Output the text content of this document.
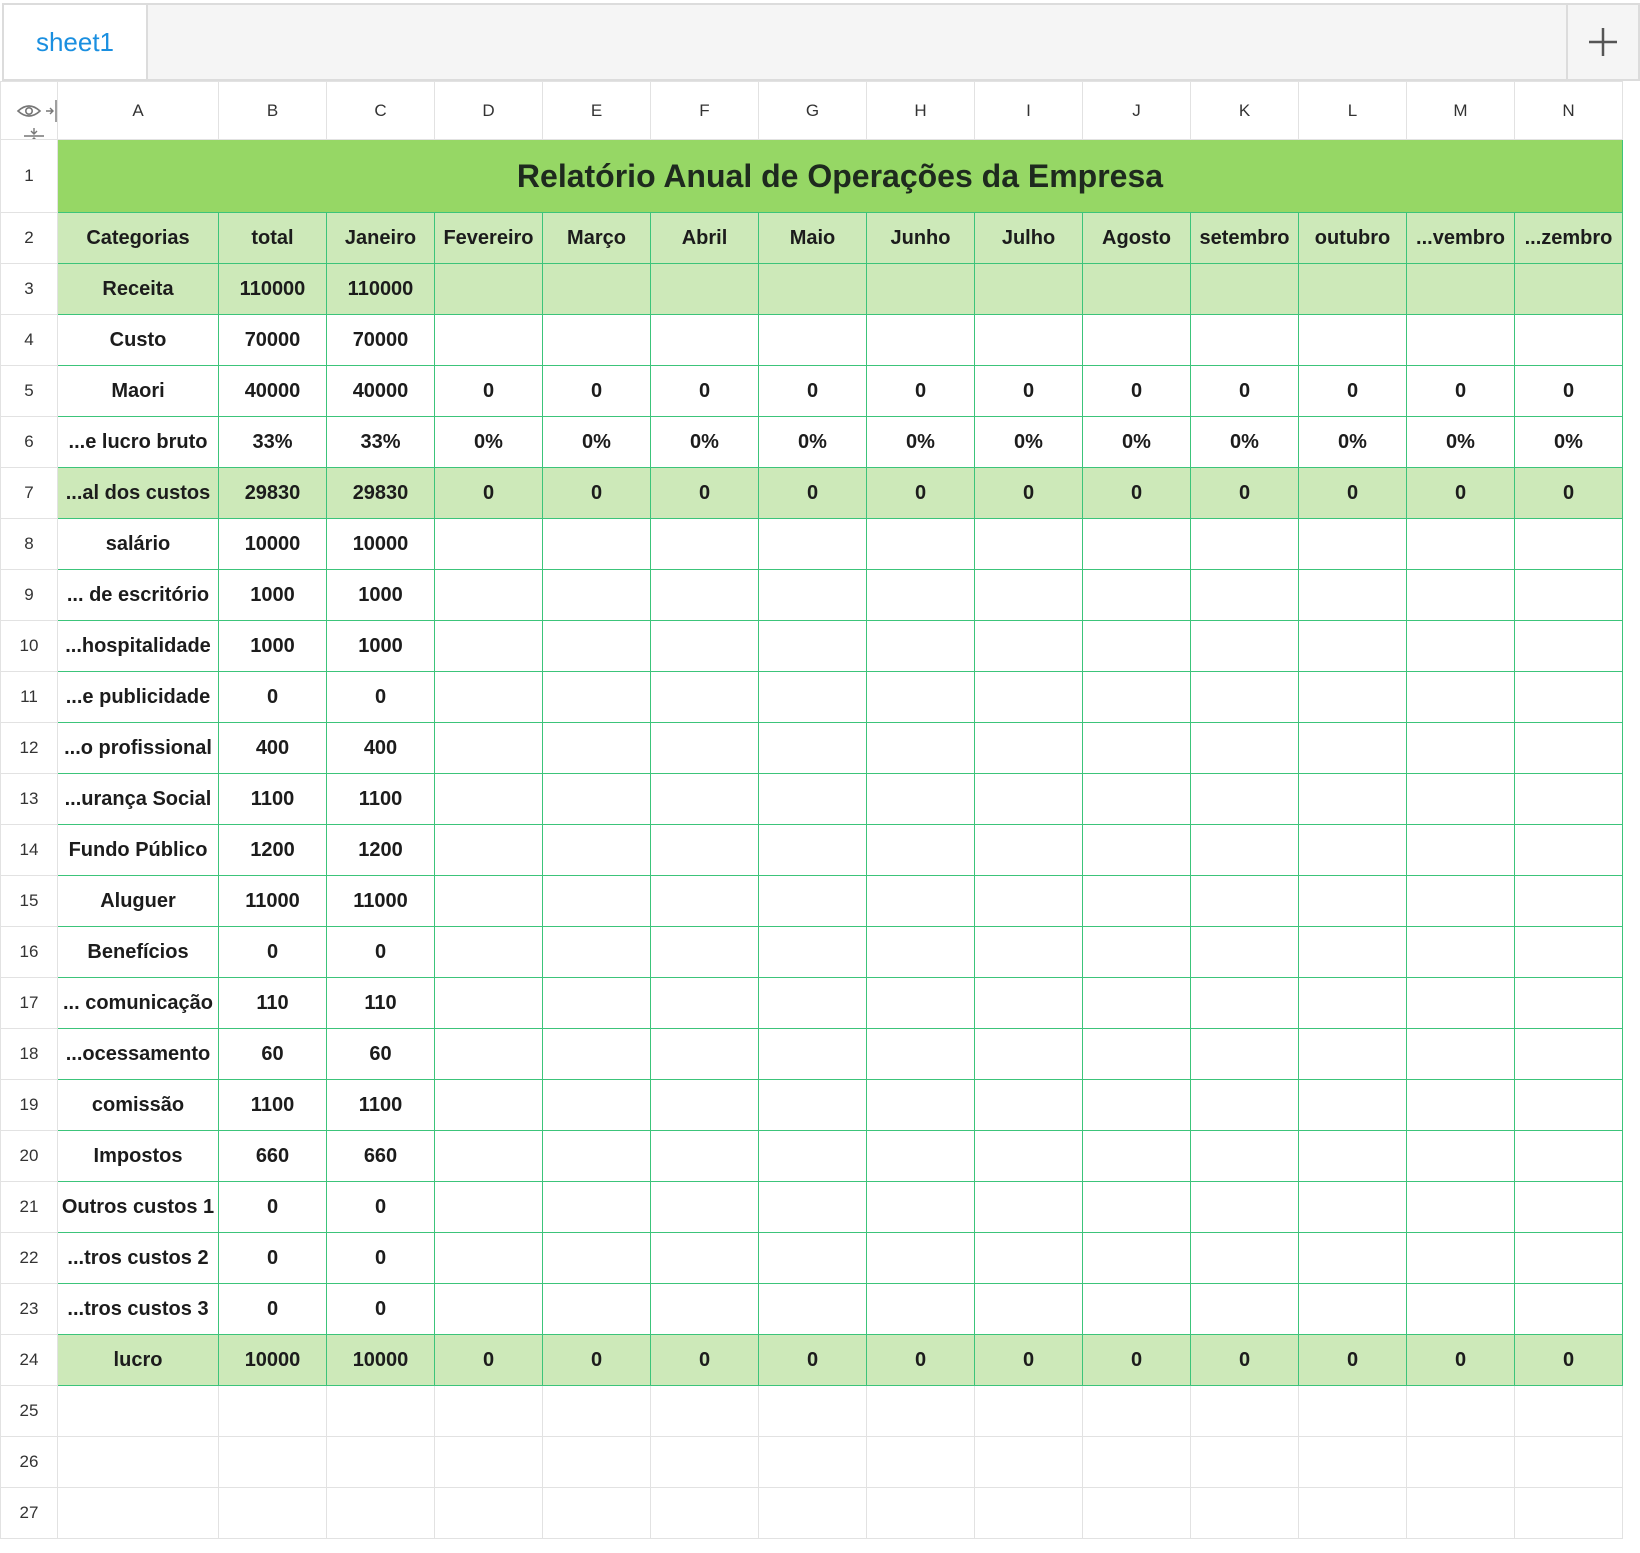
sheet1
	A	B	C	D	E	F	G	H	I	J	K	L	M	N
1	Relatório Anual de Operações da Empresa													
2	Categorias	total	Janeiro	Fevereiro	Março	Abril	Maio	Junho	Julho	Agosto	setembro	outubro	...vembro	...zembro
3	Receita	110000	110000											
4	Custo	70000	70000											
5	Maori	40000	40000	0	0	0	0	0	0	0	0	0	0	0
6	...e lucro bruto	33%	33%	0%	0%	0%	0%	0%	0%	0%	0%	0%	0%	0%
7	...al dos custos	29830	29830	0	0	0	0	0	0	0	0	0	0	0
8	salário	10000	10000											
9	... de escritório	1000	1000											
10	...hospitalidade	1000	1000											
11	...e publicidade	0	0											
12	...o profissional	400	400											
13	...urança Social	1100	1100											
14	Fundo Público	1200	1200											
15	Aluguer	11000	11000											
16	Benefícios	0	0											
17	... comunicação	110	110											
18	...ocessamento	60	60											
19	comissão	1100	1100											
20	Impostos	660	660											
21	Outros custos 1	0	0											
22	...tros custos 2	0	0											
23	...tros custos 3	0	0											
24	lucro	10000	10000	0	0	0	0	0	0	0	0	0	0	0
25														
26														
27														
